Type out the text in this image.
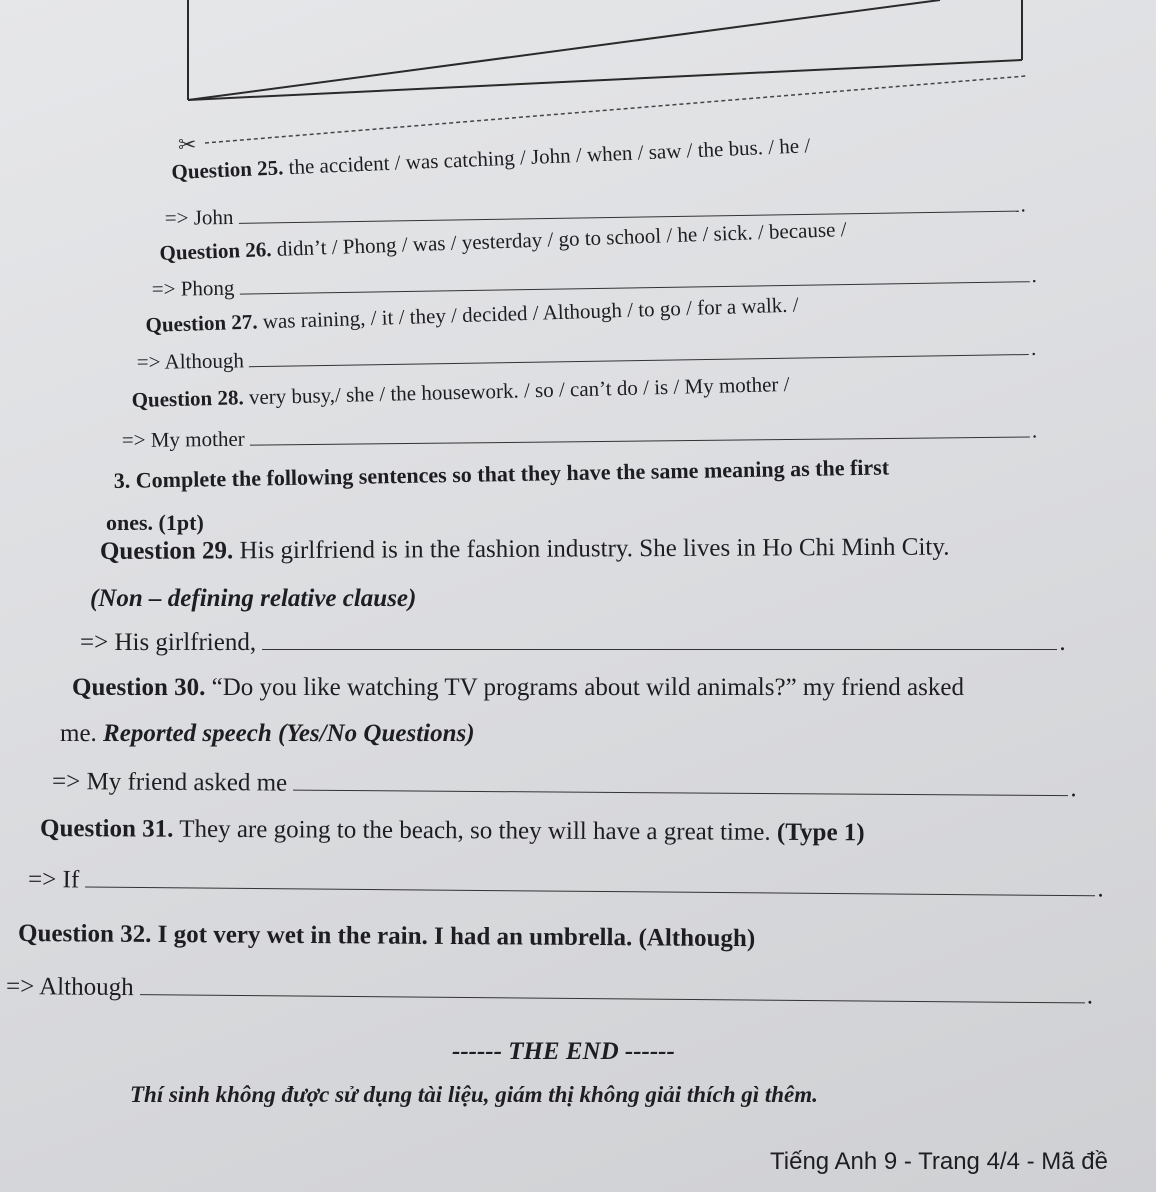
✂
Question 25. the accident / was catching / John / when / saw / the bus. / he /
=> John .
Question 26. didn’t / Phong / was / yesterday / go to school / he / sick. / because /
=> Phong .
Question 27. was raining, / it / they / decided / Although / to go / for a walk. /
=> Although .
Question 28. very busy,/ she / the housework. / so / can’t do / is / My mother /
=> My mother	.
3. Complete the following sentences so that they have the same meaning as the first
ones. (1pt)
Question 29. His girlfriend is in the fashion industry. She lives in Ho Chi Minh City.
(Non – defining relative clause)
=> His girlfriend,	.
Question 30. “Do you like watching TV programs about wild animals?” my friend asked
me. Reported speech (Yes/No Questions)
=> My friend asked me	.
Question 31. They are going to the beach, so they will have a great time. (Type 1)
=> If	.
Question 32. I got very wet in the rain. I had an umbrella. (Although)
=> Although	.
------ THE END ------
Thí sinh không được sử dụng tài liệu, giám thị không giải thích gì thêm.
Tiếng Anh 9 - Trang 4/4 - Mã đề
